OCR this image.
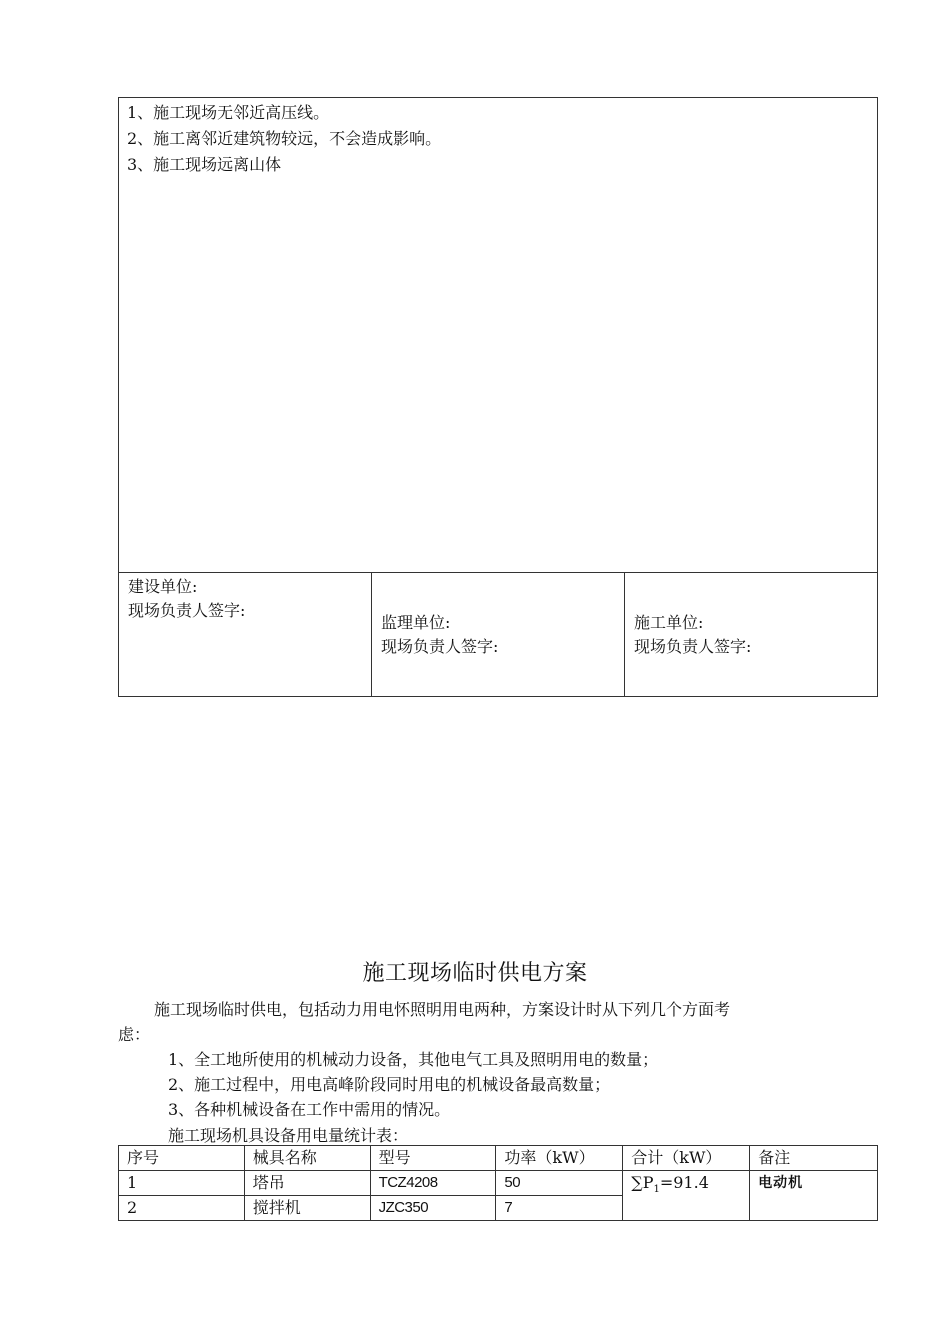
1、施工现场无邻近高压线。
2、施工离邻近建筑物较远，不会造成影响。
3、施工现场远离山体
建设单位:
现场负责人签字:
监理单位:
现场负责人签字:
施工单位:
现场负责人签字:
施工现场临时供电方案
施工现场临时供电，包括动力用电怀照明用电两种，方案设计时从下列几个方面考
虑：
1、全工地所使用的机械动力设备，其他电气工具及照明用电的数量；
2、施工过程中，用电高峰阶段同时用电的机械设备最高数量；
3、各种机械设备在工作中需用的情况。
施工现场机具设备用电量统计表：
序号	械具名称	型号	功率（kW）	合计（kW）	备注
1	塔吊	TCZ4208	50	$\sum P_1=91.4$	电动机
2	搅拌机	JZC350	7		
